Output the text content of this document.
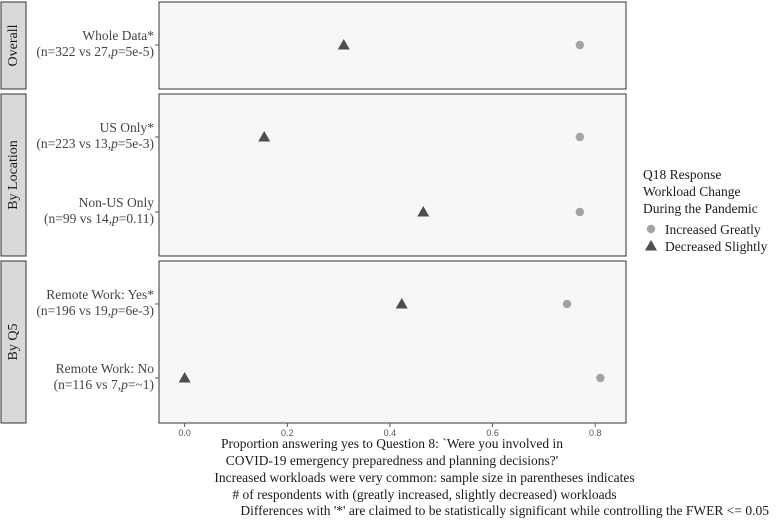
Overall	Whole Data*
(n=322 vs 27,p=5e-5)
By Location
US Only*
(n=223 vs 13,p=5e-3)
Non-US Only
(n=99 vs 14,p=0.11)
By Q5
Remote Work: Yes*
(n=196 vs 19,p=6e-3)
Remote Work: No
(n=116 vs 7,p=~1)
0.0	0.2	0.4	0.6	0.8
Q18 Response
Workload Change
During the Pandemic
Increased Greatly
Decreased Slightly
Proportion answering yes to Question 8: `Were you involved in
COVID-19 emergency preparedness and planning decisions?'
Increased workloads were very common: sample size in parentheses indicates
# of respondents with (greatly increased, slightly decreased) workloads
Differences with '*' are claimed to be statistically significant while controlling the FWER <= 0.05
